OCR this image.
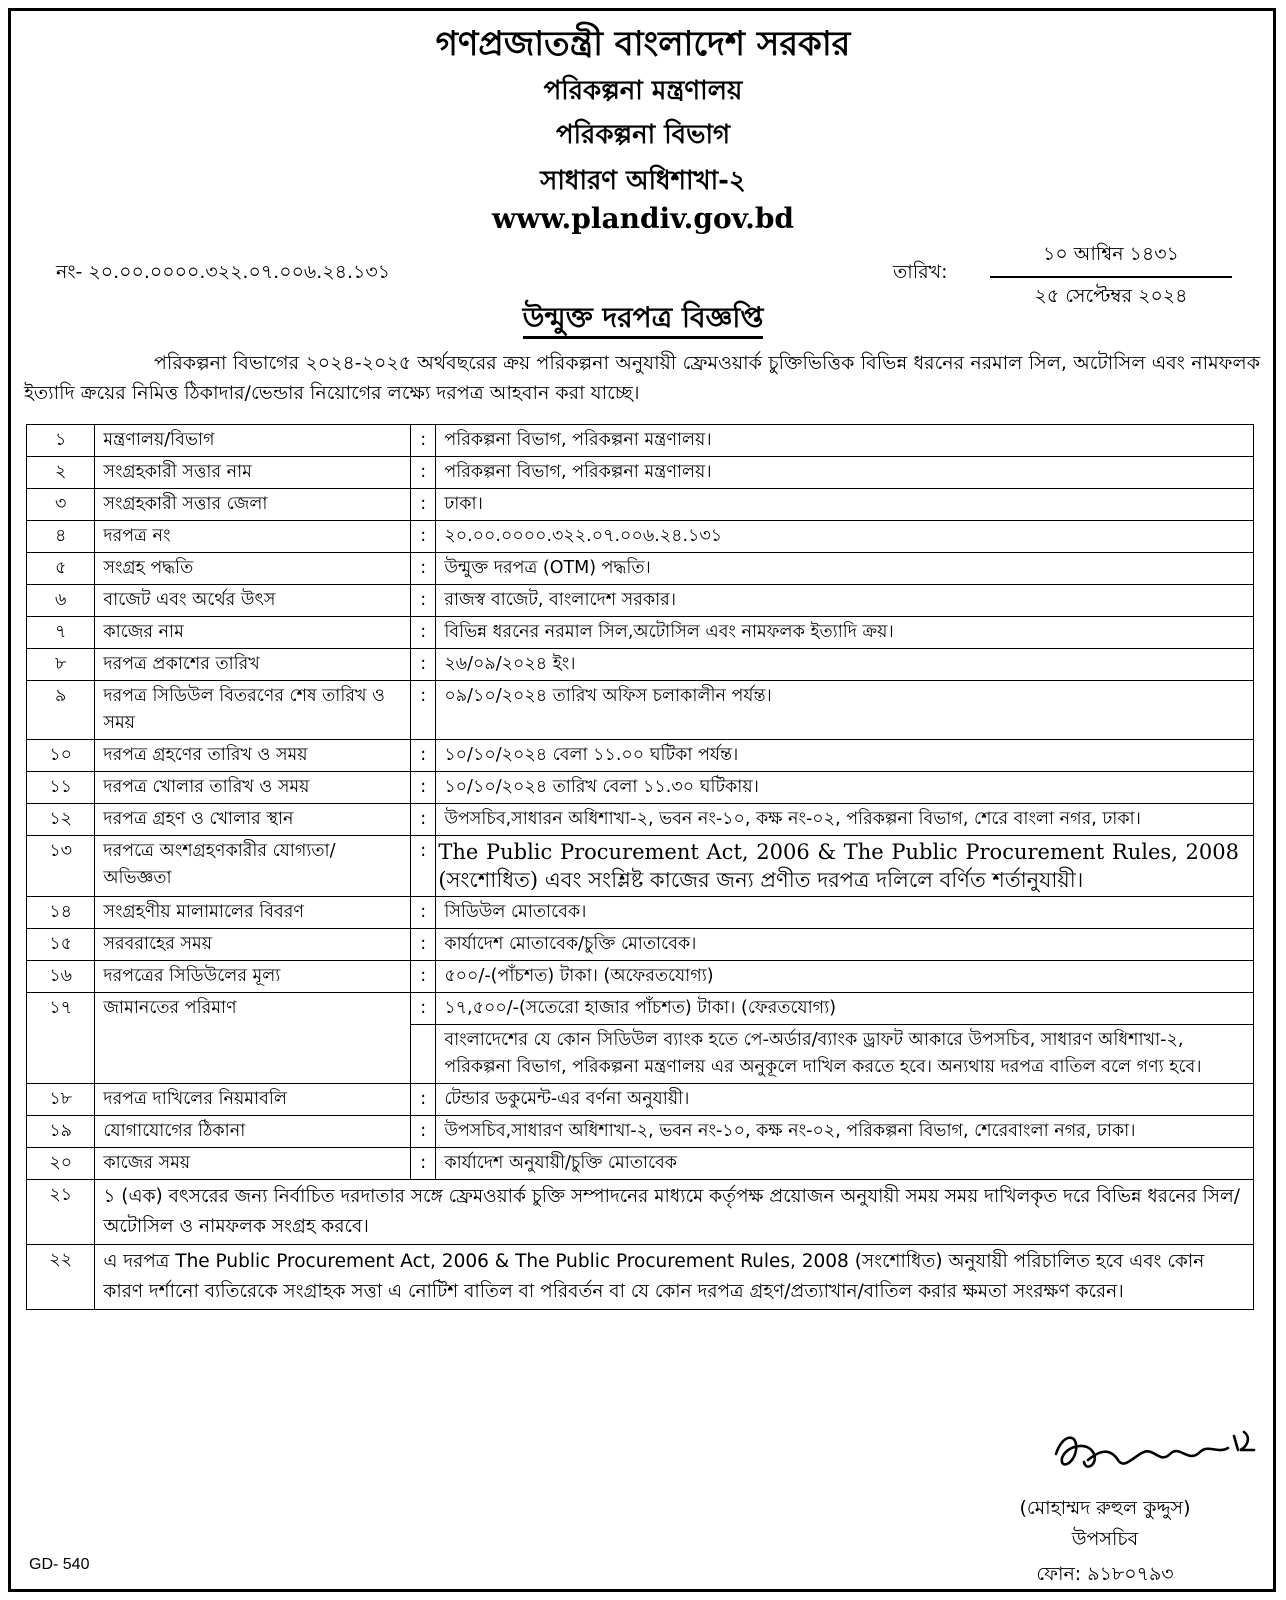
গণপ্রজাতন্ত্রী বাংলাদেশ সরকার
পরিকল্পনা মন্ত্রণালয়
পরিকল্পনা বিভাগ
সাধারণ অধিশাখা-২
www.plandiv.gov.bd
নং- ২০.০০.০০০০.৩২২.০৭.০০৬.২৪.১৩১	তারিখ:
১০ আশ্বিন ১৪৩১
২৫ সেপ্টেম্বর ২০২৪
উন্মুক্ত দরপত্র বিজ্ঞপ্তি
পরিকল্পনা বিভাগের ২০২৪-২০২৫ অর্থবছরের ক্রয় পরিকল্পনা অনুযায়ী ফ্রেমওয়ার্ক চুক্তিভিত্তিক বিভিন্ন ধরনের নরমাল সিল, অটোসিল এবং নামফলক ইত্যাদি ক্রয়ের নিমিত্ত ঠিকাদার/ভেন্ডার নিয়োগের লক্ষ্যে দরপত্র আহবান করা যাচ্ছে।
১	মন্ত্রণালয়/বিভাগ	:	পরিকল্পনা বিভাগ, পরিকল্পনা মন্ত্রণালয়।
২	সংগ্রহকারী সত্তার নাম	:	পরিকল্পনা বিভাগ, পরিকল্পনা মন্ত্রণালয়।
৩	সংগ্রহকারী সত্তার জেলা	:	ঢাকা।
৪	দরপত্র নং	:	২০.০০.০০০০.৩২২.০৭.০০৬.২৪.১৩১
৫	সংগ্রহ পদ্ধতি	:	উন্মুক্ত দরপত্র (OTM) পদ্ধতি।
৬	বাজেট এবং অর্থের উৎস	:	রাজস্ব বাজেট, বাংলাদেশ সরকার।
৭	কাজের নাম	:	বিভিন্ন ধরনের নরমাল সিল,অটোসিল এবং নামফলক ইত্যাদি ক্রয়।
৮	দরপত্র প্রকাশের তারিখ	:	২৬/০৯/২০২৪ ইং।
৯	দরপত্র সিডিউল বিতরণের শেষ তারিখ ও সময়	:	০৯/১০/২০২৪ তারিখ অফিস চলাকালীন পর্যন্ত।
১০	দরপত্র গ্রহণের তারিখ ও সময়	:	১০/১০/২০২৪ বেলা ১১.০০ ঘটিকা পর্যন্ত।
১১	দরপত্র খোলার তারিখ ও সময়	:	১০/১০/২০২৪ তারিখ বেলা ১১.৩০ ঘটিকায়।
১২	দরপত্র গ্রহণ ও খোলার স্থান	:	উপসচিব,সাধারন অধিশাখা-২, ভবন নং-১০, কক্ষ নং-০২, পরিকল্পনা বিভাগ, শেরে বাংলা নগর, ঢাকা।
১৩	দরপত্রে অংশগ্রহণকারীর যোগ্যতা/অভিজ্ঞতা	:	The Public Procurement Act, 2006 & The Public Procurement Rules, 2008 (সংশোধিত) এবং সংশ্লিষ্ট কাজের জন্য প্রণীত দরপত্র দলিলে বর্ণিত শর্তানুযায়ী।
১৪	সংগ্রহণীয় মালামালের বিবরণ	:	সিডিউল মোতাবেক।
১৫	সরবরাহের সময়	:	কার্যাদেশ মোতাবেক/চুক্তি মোতাবেক।
১৬	দরপত্রের সিডিউলের মূল্য	:	৫০০/-(পাঁচশত) টাকা। (অফেরতযোগ্য)
১৭	জামানতের পরিমাণ	:	১৭,৫০০/-(সতেরো হাজার পাঁচশত) টাকা। (ফেরতযোগ্য)
			বাংলাদেশের যে কোন সিডিউল ব্যাংক হতে পে-অর্ডার/ব্যাংক ড্রাফট আকারে উপসচিব, সাধারণ অধিশাখা-২, পরিকল্পনা বিভাগ, পরিকল্পনা মন্ত্রণালয় এর অনুকূলে দাখিল করতে হবে। অন্যথায় দরপত্র বাতিল বলে গণ্য হবে।
১৮	দরপত্র দাখিলের নিয়মাবলি	:	টেন্ডার ডকুমেন্ট-এর বর্ণনা অনুযায়ী।
১৯	যোগাযোগের ঠিকানা	:	উপসচিব,সাধারণ অধিশাখা-২, ভবন নং-১০, কক্ষ নং-০২, পরিকল্পনা বিভাগ, শেরেবাংলা নগর, ঢাকা।
২০	কাজের সময়	:	কার্যাদেশ অনুযায়ী/চুক্তি মোতাবেক
২১	১ (এক) বৎসরের জন্য নির্বাচিত দরদাতার সঙ্গে ফ্রেমওয়ার্ক চুক্তি সম্পাদনের মাধ্যমে কর্তৃপক্ষ প্রয়োজন অনুযায়ী সময় সময় দাখিলকৃত দরে বিভিন্ন ধরনের সিল/অটোসিল ও নামফলক সংগ্রহ করবে।		
২২	এ দরপত্র The Public Procurement Act, 2006 & The Public Procurement Rules, 2008 (সংশোধিত) অনুযায়ী পরিচালিত হবে এবং কোন কারণ দর্শানো ব্যতিরেকে সংগ্রাহক সত্তা এ নোটিশ বাতিল বা পরিবর্তন বা যে কোন দরপত্র গ্রহণ/প্রত্যাখান/বাতিল করার ক্ষমতা সংরক্ষণ করেন।		
(মোহাম্মদ রুহুল কুদ্দুস)
উপসচিব
ফোন: ৯১৮০৭৯৩
GD- 540
